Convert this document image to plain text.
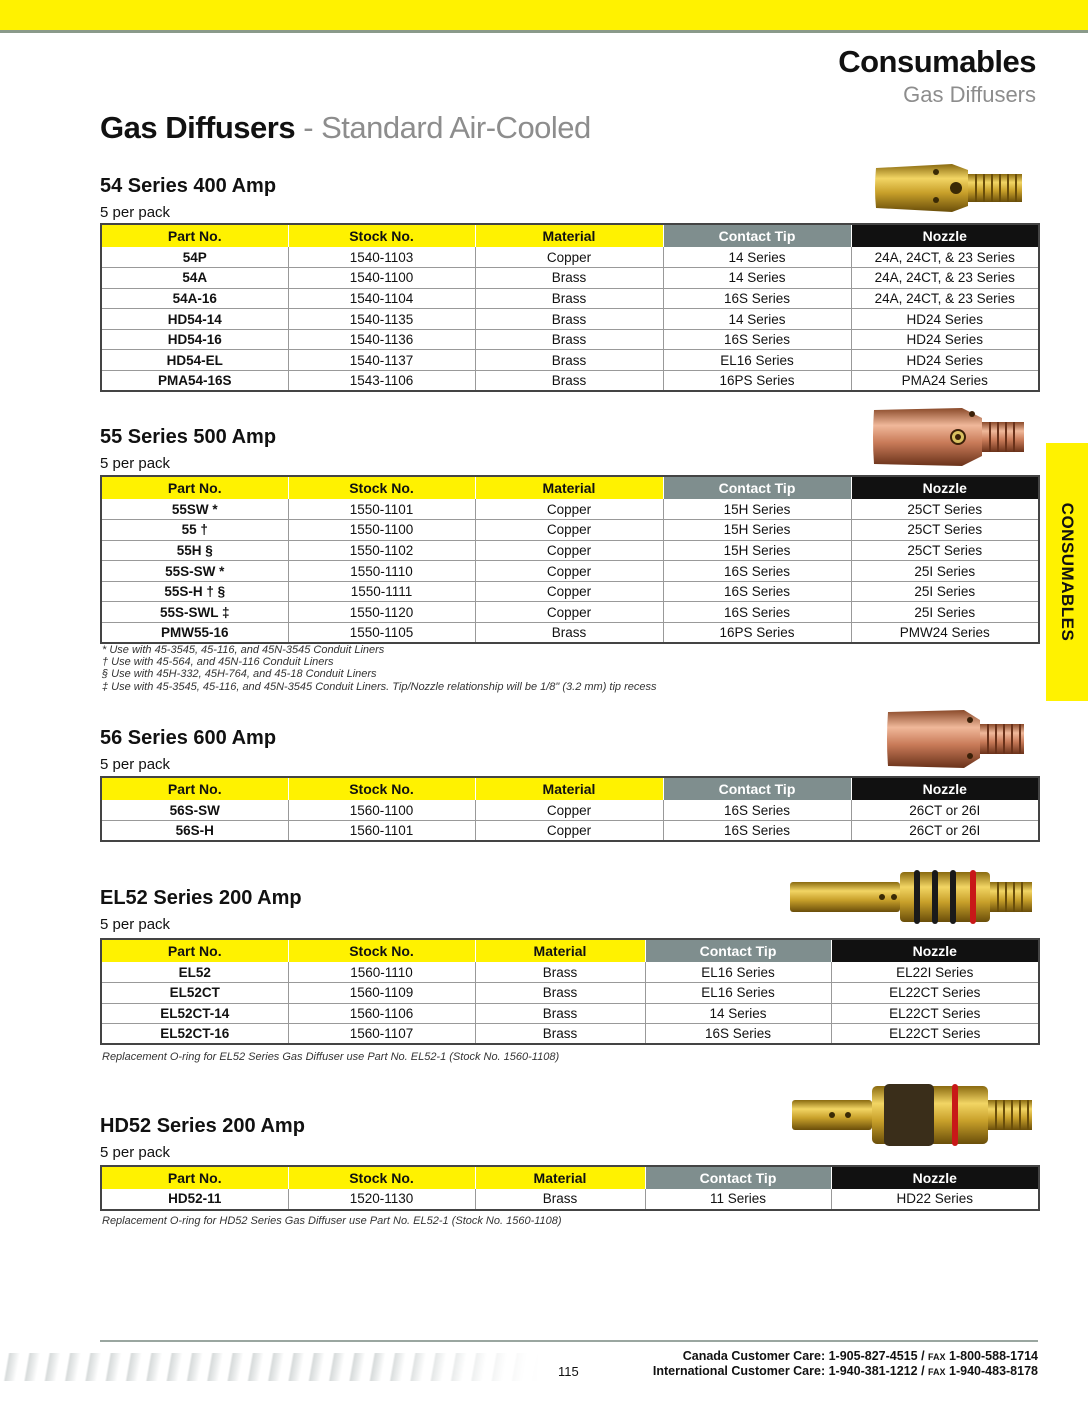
Consumables
Gas Diffusers
Gas Diffusers - Standard Air-Cooled
CONSUMABLES
54 Series 400 Amp
5 per pack
Part No.	Stock No.	Material	Contact Tip	Nozzle
54P	1540-1103	Copper	14 Series	24A, 24CT, & 23 Series
54A	1540-1100	Brass	14 Series	24A, 24CT, & 23 Series
54A-16	1540-1104	Brass	16S Series	24A, 24CT, & 23 Series
HD54-14	1540-1135	Brass	14 Series	HD24 Series
HD54-16	1540-1136	Brass	16S Series	HD24 Series
HD54-EL	1540-1137	Brass	EL16 Series	HD24 Series
PMA54-16S	1543-1106	Brass	16PS Series	PMA24 Series
55 Series 500 Amp
5 per pack
Part No.	Stock No.	Material	Contact Tip	Nozzle
55SW *	1550-1101	Copper	15H Series	25CT Series
55 †	1550-1100	Copper	15H Series	25CT Series
55H §	1550-1102	Copper	15H Series	25CT Series
55S-SW *	1550-1110	Copper	16S Series	25I Series
55S-H † §	1550-1111	Copper	16S Series	25I Series
55S-SWL ‡	1550-1120	Copper	16S Series	25I Series
PMW55-16	1550-1105	Brass	16PS Series	PMW24 Series
* Use with 45-3545, 45-116, and 45N-3545 Conduit Liners
† Use with 45-564, and 45N-116 Conduit Liners
§ Use with 45H-332, 45H-764, and 45-18 Conduit Liners
‡ Use with 45-3545, 45-116, and 45N-3545 Conduit Liners. Tip/Nozzle relationship will be 1/8" (3.2 mm) tip recess
56 Series 600 Amp
5 per pack
Part No.	Stock No.	Material	Contact Tip	Nozzle
56S-SW	1560-1100	Copper	16S Series	26CT or 26I
56S-H	1560-1101	Copper	16S Series	26CT or 26I
EL52 Series 200 Amp
5 per pack
Part No.	Stock No.	Material	Contact Tip	Nozzle
EL52	1560-1110	Brass	EL16 Series	EL22I Series
EL52CT	1560-1109	Brass	EL16 Series	EL22CT Series
EL52CT-14	1560-1106	Brass	14 Series	EL22CT Series
EL52CT-16	1560-1107	Brass	16S Series	EL22CT Series
Replacement O-ring for EL52 Series Gas Diffuser use Part No. EL52-1 (Stock No. 1560-1108)
HD52 Series 200 Amp
5 per pack
Part No.	Stock No.	Material	Contact Tip	Nozzle
HD52-11	1520-1130	Brass	11 Series	HD22 Series
Replacement O-ring for HD52 Series Gas Diffuser use Part No. EL52-1 (Stock No. 1560-1108)
115
Canada Customer Care: 1-905-827-4515 / FAX 1-800-588-1714
International Customer Care: 1-940-381-1212 / FAX 1-940-483-8178
